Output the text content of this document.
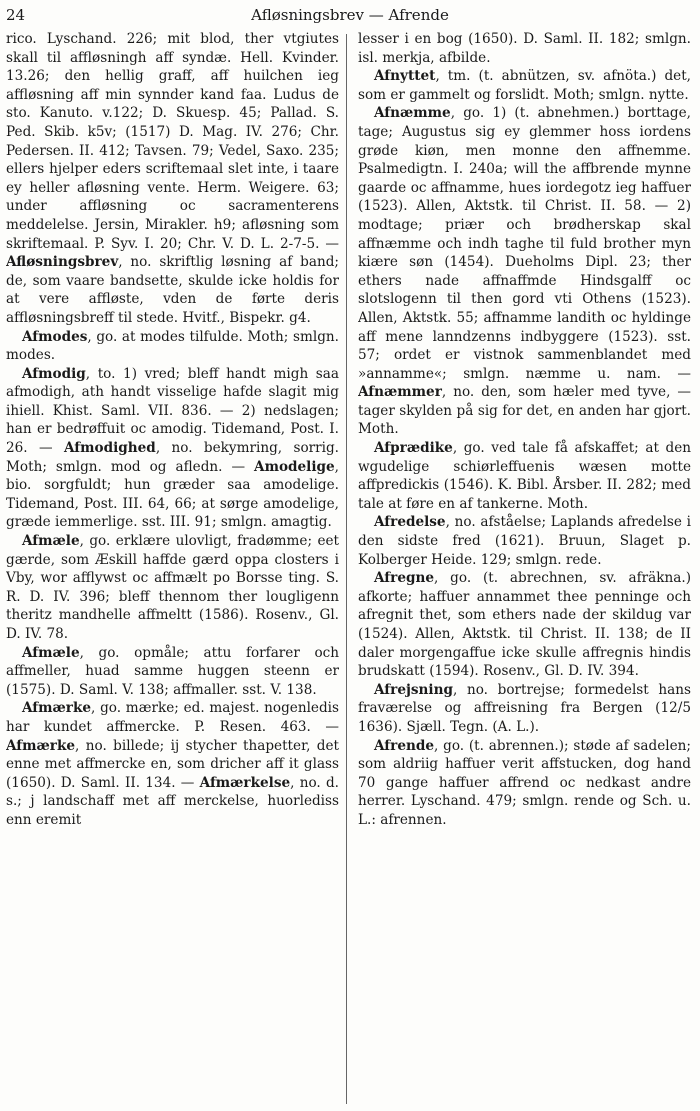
24	Afløsningsbrev — Afrende

rico. Lyschand. 226; mit blod, ther vtgiutes skall til affløsningh aff syndæ. Hell. Kvinder. 13.26; den hellig graff, aff huilchen ieg affløsning aff min synnder kand faa. Ludus de sto. Kanuto. v.122; D. Skuesp. 45; Pallad. S. Ped. Skib. k5v; (1517) D. Mag. IV. 276; Chr. Pedersen. II. 412; Tavsen. 79; Vedel, Saxo. 235; ellers hjelper eders scriftemaal slet inte, i taare ey heller afløsning vente. Herm. Weigere. 63; under affløsning oc sacramenterens meddelelse. Jersin, Mirakler. h9; afløsning som skriftemaal. P. Syv. I. 20; Chr. V. D. L. 2-7-5. — Afløsningsbrev, no. skriftlig løsning af band; de, som vaare bandsette, skulde icke holdis for at vere affløste, vden de førte deris affløsningsbreff til stede. Hvitf., Bispekr. g4.

Afmodes, go. at modes tilfulde. Moth; smlgn. modes.

Afmodig, to. 1) vred; bleff handt migh saa afmodigh, ath handt visselige hafde slagit mig ihiell. Khist. Saml. VII. 836. — 2) nedslagen; han er bedrøffuit oc amodig. Tidemand, Post. I. 26. — Afmodighed, no. bekymring, sorrig. Moth; smlgn. mod og afledn. — Amodelige, bio. sorgfuldt; hun græder saa amodelige. Tidemand, Post. III. 64, 66; at sørge amodelige, græde iemmerlige. sst. III. 91; smlgn. amagtig.

Afmæle, go. erklære ulovligt, fradømme; eet gærde, som Æskill haffde gærd oppa closters i Vby, wor afflywst oc affmælt po Borsse ting. S. R. D. IV. 396; bleff thennom ther lougligenn theritz mandhelle affmeltt (1586). Rosenv., Gl. D. IV. 78.

Afmæle, go. opmåle; attu forfarer och affmeller, huad samme huggen steenn er (1575). D. Saml. V. 138; affmaller. sst. V. 138.

Afmærke, go. mærke; ed. majest. nogenledis har kundet affmercke. P. Resen. 463. — Afmærke, no. billede; ij stycher thapetter, det enne met affmercke en, som dricher aff it glass (1650). D. Saml. II. 134. — Afmærkelse, no. d. s.; j landschaff met aff merckelse, huorlediss enn eremit

lesser i en bog (1650). D. Saml. II. 182; smlgn. isl. merkja, afbilde.

Afnyttet, tm. (t. abnützen, sv. afnöta.) det, som er gammelt og forslidt. Moth; smlgn. nytte.

Afnæmme, go. 1) (t. abnehmen.) borttage, tage; Augustus sig ey glemmer hoss iordens grøde kiøn, men monne den affnemme. Psalmedigtn. I. 240a; will the affbrende mynne gaarde oc affnamme, hues iordegotz ieg haffuer (1523). Allen, Aktstk. til Christ. II. 58. — 2) modtage; priær och brødherskap skal affnæmme och indh taghe til fuld brother myn kiære søn (1454). Dueholms Dipl. 23; ther ethers nade affnaffmde Hindsgalff oc slotslogenn til then gord vti Othens (1523). Allen, Aktstk. 55; affnamme landith oc hyldinge aff mene lanndzenns indbyggere (1523). sst. 57; ordet er vistnok sammenblandet med »annamme«; smlgn. næmme u. nam. — Afnæmmer, no. den, som hæler med tyve, — tager skylden på sig for det, en anden har gjort. Moth.

Afprædike, go. ved tale få afskaffet; at den wgudelige schiørleffuenis wæsen motte affpredickis (1546). K. Bibl. Årsber. II. 282; med tale at føre en af tankerne. Moth.

Afredelse, no. afståelse; Laplands afredelse i den sidste fred (1621). Bruun, Slaget p. Kolberger Heide. 129; smlgn. rede.

Afregne, go. (t. abrechnen, sv. afräkna.) afkorte; haffuer annammet thee penninge och afregnit thet, som ethers nade der skildug var (1524). Allen, Aktstk. til Christ. II. 138; de II daler morgengaffue icke skulle affregnis hindis brudskatt (1594). Rosenv., Gl. D. IV. 394.

Afrejsning, no. bortrejse; formedelst hans fraværelse og affreisning fra Bergen (12/5 1636). Sjæll. Tegn. (A. L.).

Afrende, go. (t. abrennen.); støde af sadelen; som aldriig haffuer verit affstucken, dog hand 70 gange haffuer affrend oc nedkast andre herrer. Lyschand. 479; smlgn. rende og Sch. u. L.: afrennen.
